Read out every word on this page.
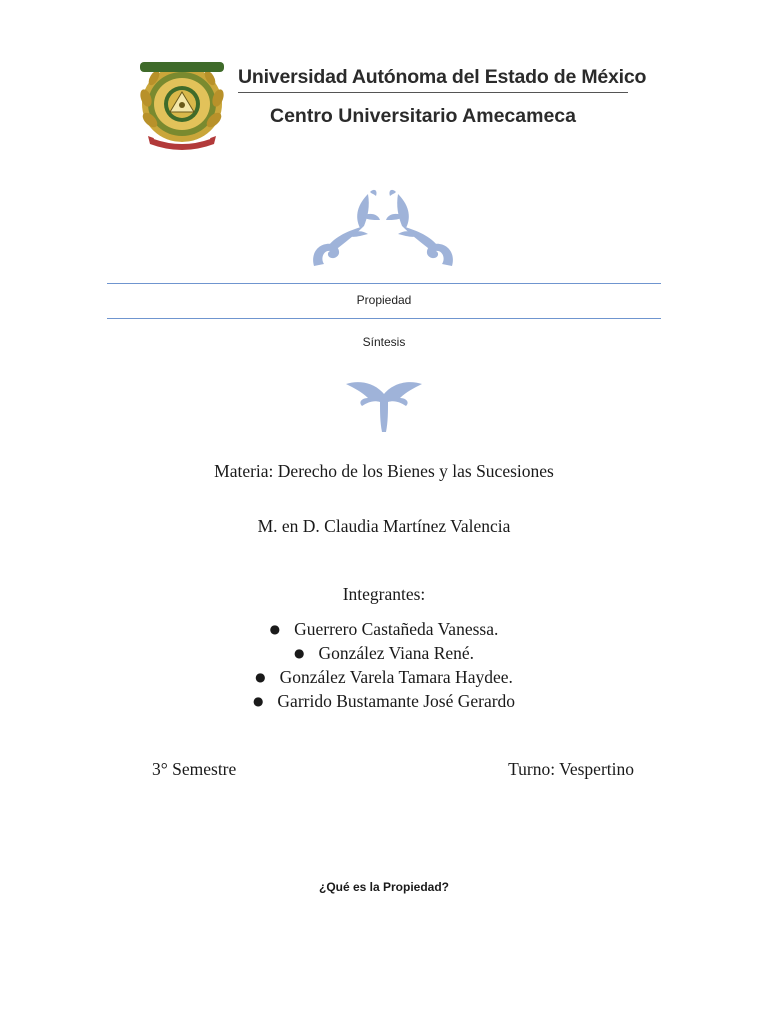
Universidad Autónoma del Estado de México
Centro Universitario Amecameca
Propiedad
Síntesis
Materia: Derecho de los Bienes y las Sucesiones
M. en D. Claudia Martínez Valencia
Integrantes:
● Guerrero Castañeda Vanessa.
● González Viana René.
● González Varela Tamara Haydee.
● Garrido Bustamante José Gerardo
3° Semestre	Turno: Vespertino
¿Qué es la Propiedad?
